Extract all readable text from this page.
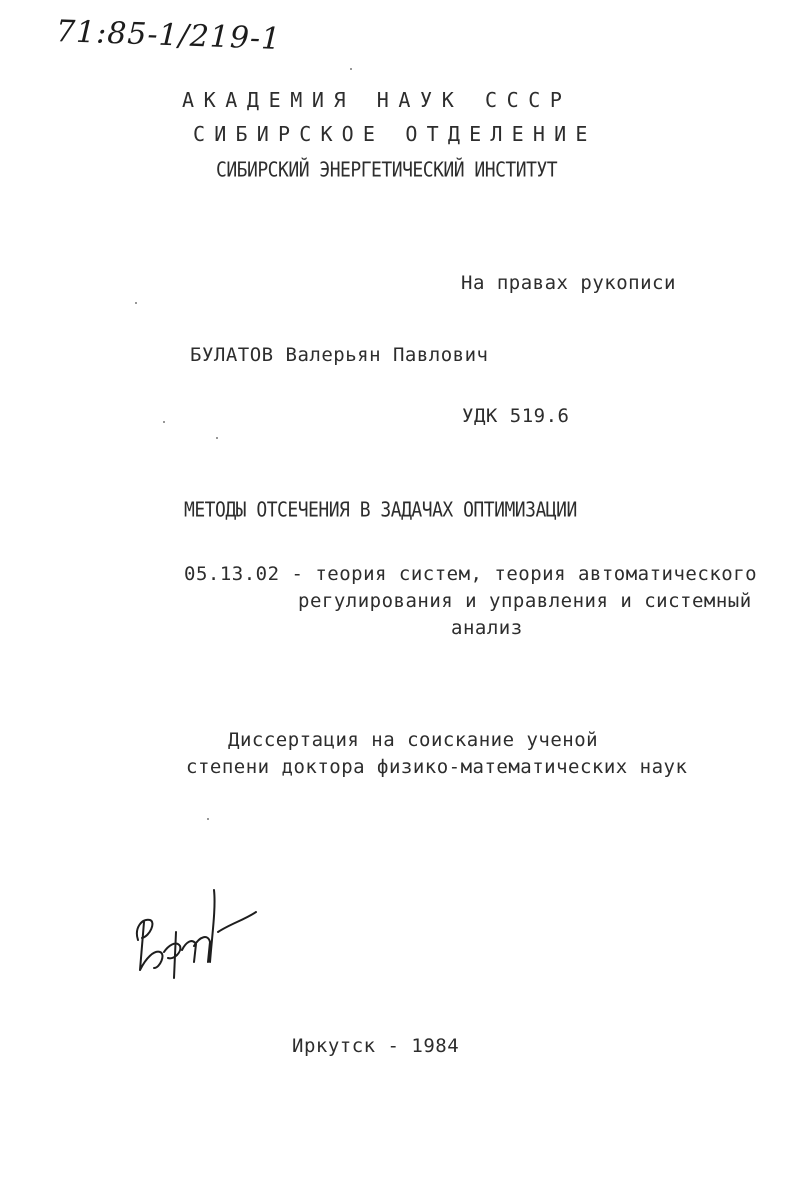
71:85-1/219-1
АКАДЕМИЯ НАУК СССР
СИБИРСКОЕ ОТДЕЛЕНИЕ
СИБИРСКИЙ ЭНЕРГЕТИЧЕСКИЙ ИНСТИТУТ
На правах рукописи
БУЛАТОВ Валерьян Павлович
УДК 519.6
МЕТОДЫ ОТСЕЧЕНИЯ В ЗАДАЧАХ ОПТИМИЗАЦИИ
05.13.02 - теория систем, теория автоматического
регулирования и управления и системный
анализ
Диссертация на соискание ученой
степени доктора физико-математических наук
Иркутск - 1984
